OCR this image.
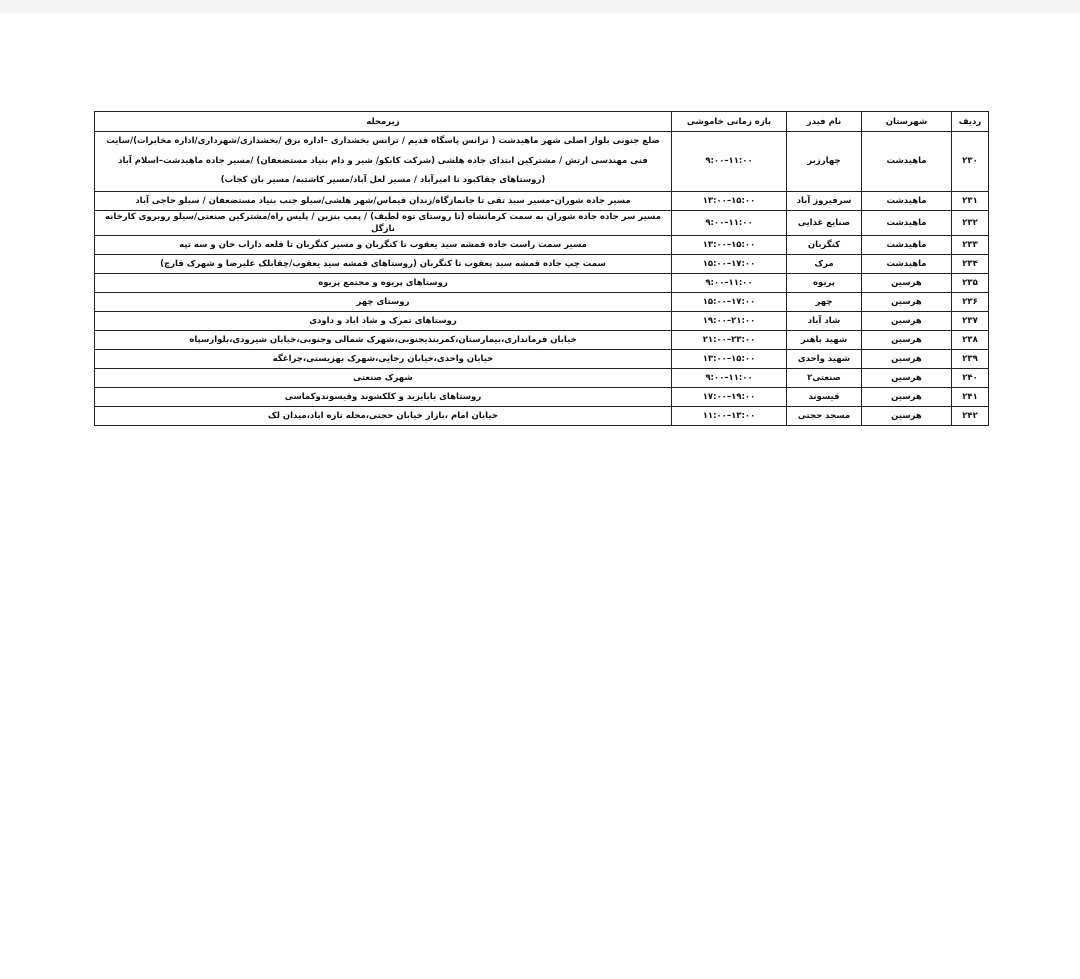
ردیف	شهرستان	نام فیدر	بازه زمانی خاموشی	زیرمحله
۲۳۰	ماهیدشت	چهارزبر	۹:۰۰–۱۱:۰۰	ضلع جنوبی بلوار اصلی شهر ماهیدشت ( ترانس پاسگاه قدیم / ترانس بخشداری –اداره برق /بخشداری/شهرداری/اداره مخابرات)/سایت فنی مهندسی ارتش / مشترکین ابتدای جاده هلشی (شرکت کابکو/ شیر و دام بنیاد مستضعفان) /مسیر جاده ماهیدشت–اسلام آباد (روستاهای چقاکبود تا امیرآباد / مسیر لعل آباد/مسیر کاشتبه/ مسیر بان کجاب)
۲۳۱	ماهیدشت	سرفیروز آباد	۱۳:۰۰–۱۵:۰۰	مسیر جاده شوران–مسیر سید تقی تا جانمازگاه/زندان قیماس/شهر هلشی/سیلو جنب بنیاد مستضعفان / سیلو حاجی آباد
۲۳۲	ماهیدشت	صنایع غذایی	۹:۰۰–۱۱:۰۰	مسیر سر جاده جاده شوران به سمت کرمانشاه (تا روستای توه لطیف) / پمپ بنزین / پلیس راه/مشترکین صنعتی/سیلو روبروی کارخانه نازگل
۲۳۳	ماهیدشت	کنگربان	۱۳:۰۰–۱۵:۰۰	مسیر سمت راست جاده قمشه سید یعقوب تا کنگربان و مسیر کنگربان تا قلعه داراب خان و سه تپه
۲۳۴	ماهیدشت	مرک	۱۵:۰۰–۱۷:۰۰	سمت چپ جاده قمشه سید یعقوب تا کنگربان (روستاهای قمشه سید یعقوب/چقابلک علیرضا و شهرک قارچ)
۲۳۵	هرسین	پریوه	۹:۰۰–۱۱:۰۰	روستاهای پریوه و مجتمع پریوه
۲۳۶	هرسین	چهر	۱۵:۰۰–۱۷:۰۰	روستای چهر
۲۳۷	هرسین	شاد آباد	۱۹:۰۰–۲۱:۰۰	روستاهای تمرک و شاد اباد و داودی
۲۳۸	هرسین	شهید باهنر	۲۱:۰۰–۲۳:۰۰	خیابان فرمانداری،بیمارستان،کمربندیجنوبی،شهرک شمالی وجنوبی،خیابان شیرودی،بلوارسپاه
۲۳۹	هرسین	شهید واحدی	۱۳:۰۰–۱۵:۰۰	خیابان واحدی،خیابان رجایی،شهرک بهزیستی،چراغگه
۲۴۰	هرسین	صنعتی۲	۹:۰۰–۱۱:۰۰	شهرک صنعتی
۲۴۱	هرسین	قیسوند	۱۷:۰۰–۱۹:۰۰	روستاهای بابایزید و کلکشوند وقیسوندوکماسی
۲۴۲	هرسین	مسجد حجتی	۱۱:۰۰–۱۳:۰۰	خیابان امام ،بازار خیابان حجتی،محله تازه اباد،میدان لک
